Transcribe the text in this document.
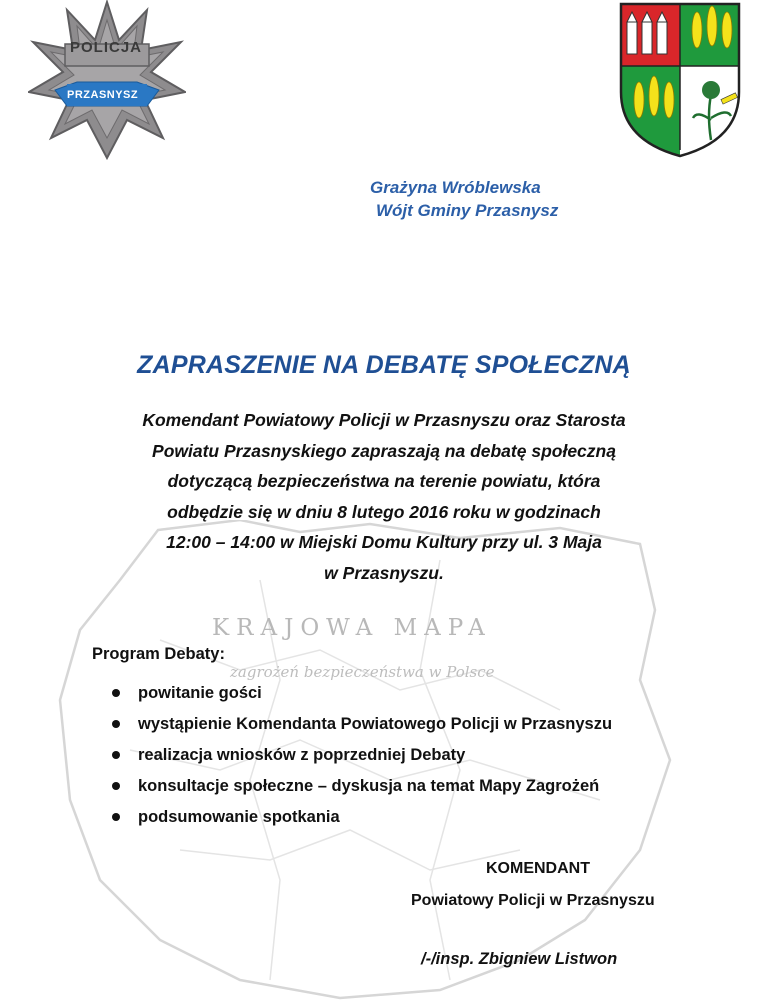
KRAJOWA MAPA
zagrożeń bezpieczeństwa w Polsce
POLICJA
PRZASNYSZ
Grażyna Wróblewska
Wójt Gminy Przasnysz
ZAPRASZENIE NA DEBATĘ SPOŁECZNĄ
Komendant Powiatowy Policji w Przasnyszu oraz Starosta
Powiatu Przasnyskiego zapraszają na debatę społeczną
dotyczącą bezpieczeństwa na terenie powiatu, która
odbędzie się w dniu 8 lutego 2016 roku w godzinach
12:00 – 14:00 w Miejski Domu Kultury przy ul. 3 Maja
w Przasnyszu.
Program Debaty:
powitanie gości
wystąpienie Komendanta Powiatowego Policji w Przasnyszu
realizacja wniosków z poprzedniej Debaty
konsultacje społeczne – dyskusja na temat Mapy Zagrożeń
podsumowanie spotkania
KOMENDANT
Powiatowy Policji w Przasnyszu
/-/insp. Zbigniew Listwon
